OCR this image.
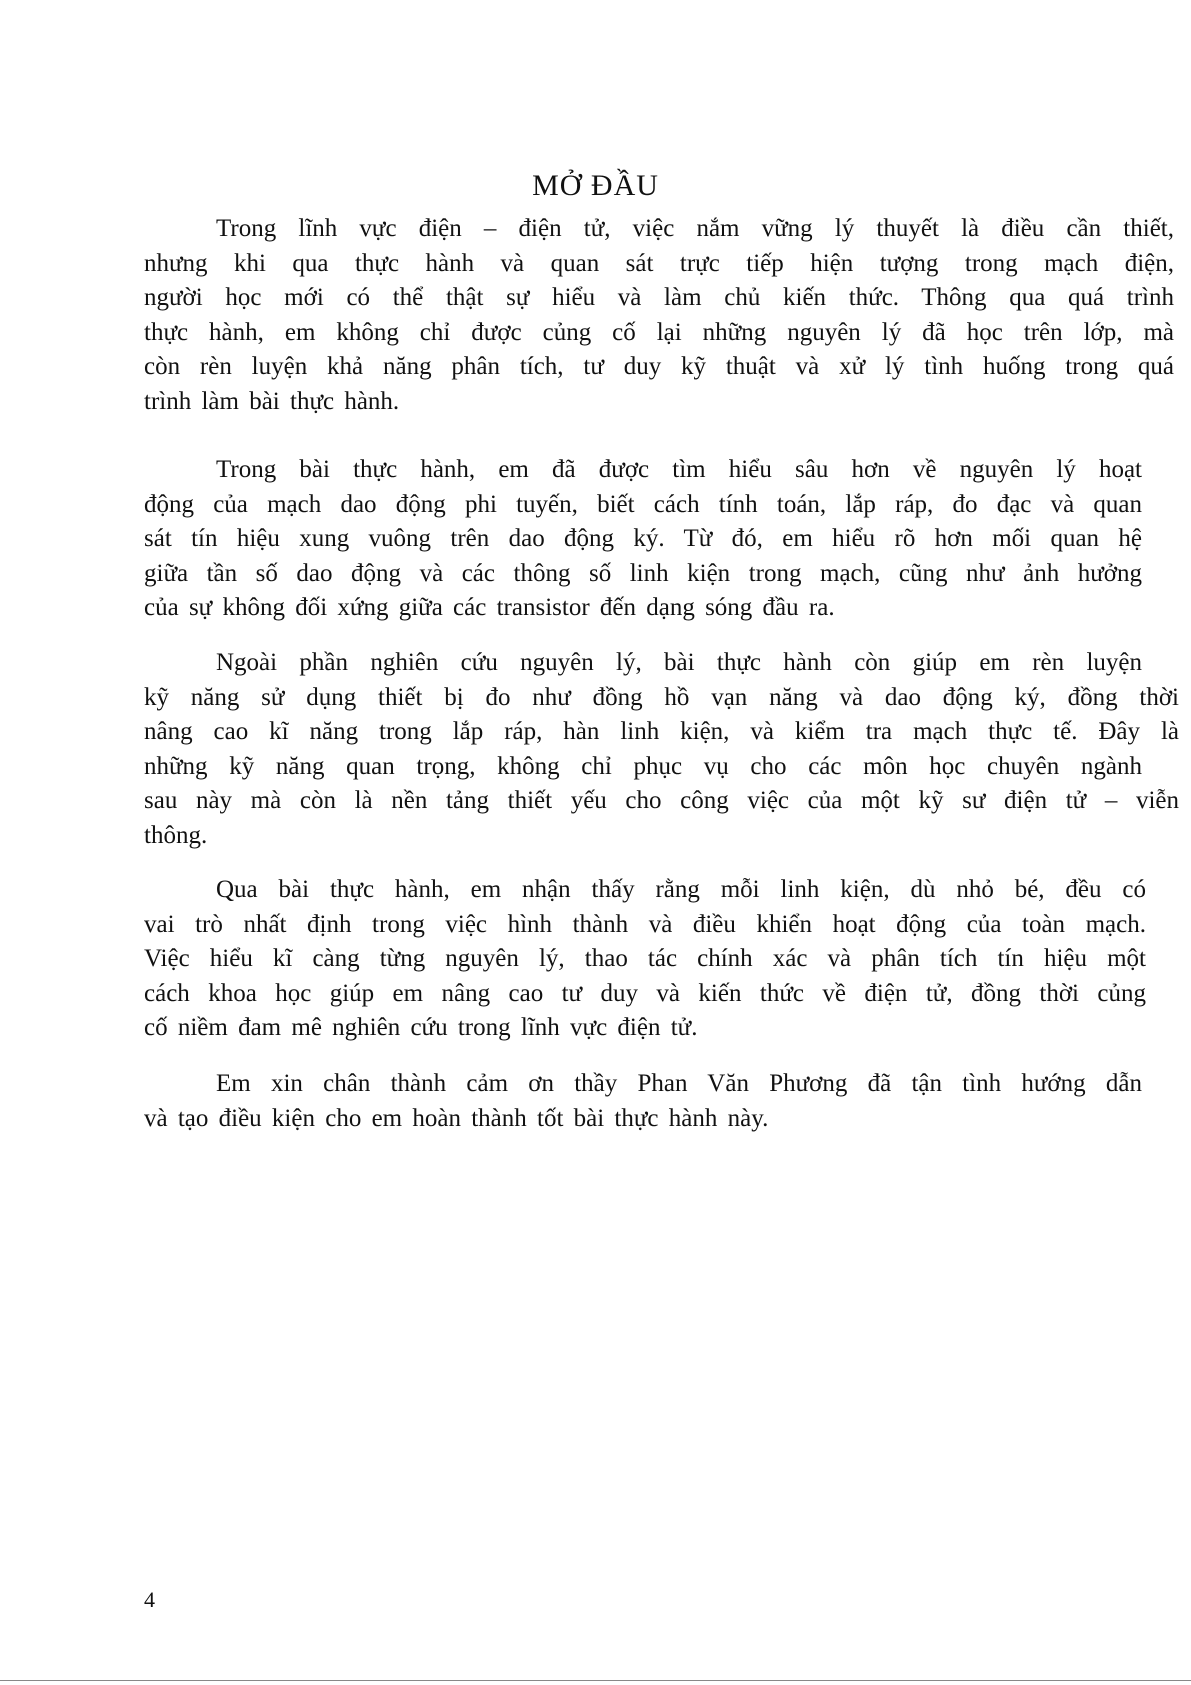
MỞ ĐẦU
Trong lĩnh vực điện – điện tử, việc nắm vững lý thuyết là điều cần thiết,
nhưng khi qua thực hành và quan sát trực tiếp hiện tượng trong mạch điện,
người học mới có thể thật sự hiểu và làm chủ kiến thức. Thông qua quá trình
thực hành, em không chỉ được củng cố lại những nguyên lý đã học trên lớp, mà
còn rèn luyện khả năng phân tích, tư duy kỹ thuật và xử lý tình huống trong quá
trình làm bài thực hành.
Trong bài thực hành, em đã được tìm hiểu sâu hơn về nguyên lý hoạt
động của mạch dao động phi tuyến, biết cách tính toán, lắp ráp, đo đạc và quan
sát tín hiệu xung vuông trên dao động ký. Từ đó, em hiểu rõ hơn mối quan hệ
giữa tần số dao động và các thông số linh kiện trong mạch, cũng như ảnh hưởng
của sự không đối xứng giữa các transistor đến dạng sóng đầu ra.
Ngoài phần nghiên cứu nguyên lý, bài thực hành còn giúp em rèn luyện
kỹ năng sử dụng thiết bị đo như đồng hồ vạn năng và dao động ký, đồng thời
nâng cao kĩ năng trong lắp ráp, hàn linh kiện, và kiểm tra mạch thực tế. Đây là
những kỹ năng quan trọng, không chỉ phục vụ cho các môn học chuyên ngành
sau này mà còn là nền tảng thiết yếu cho công việc của một kỹ sư điện tử – viễn
thông.
Qua bài thực hành, em nhận thấy rằng mỗi linh kiện, dù nhỏ bé, đều có
vai trò nhất định trong việc hình thành và điều khiển hoạt động của toàn mạch.
Việc hiểu kĩ càng từng nguyên lý, thao tác chính xác và phân tích tín hiệu một
cách khoa học giúp em nâng cao tư duy và kiến thức về điện tử, đồng thời củng
cố niềm đam mê nghiên cứu trong lĩnh vực điện tử.
Em xin chân thành cảm ơn thầy Phan Văn Phương đã tận tình hướng dẫn
và tạo điều kiện cho em hoàn thành tốt bài thực hành này.
4
